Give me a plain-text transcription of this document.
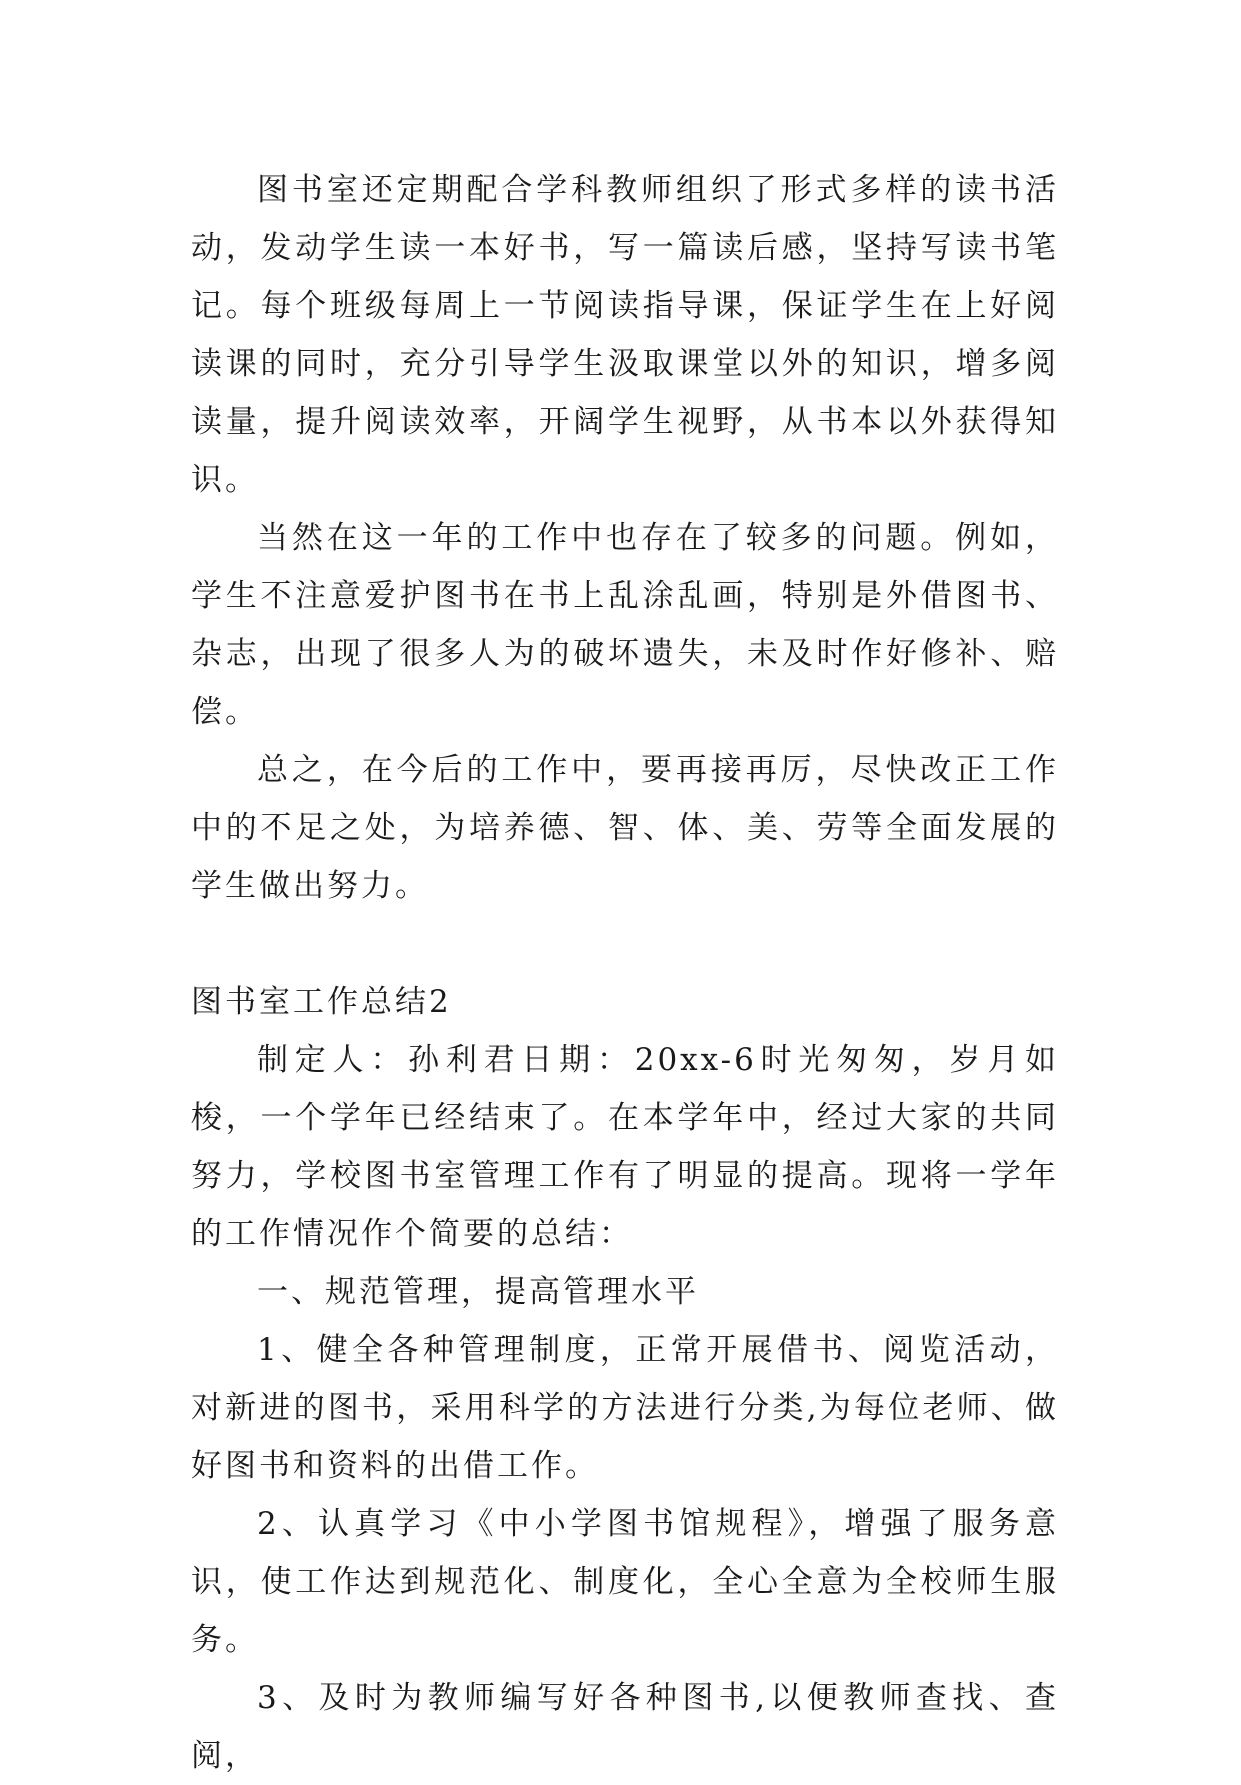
图书室还定期配合学科教师组织了形式多样的读书活动，发动学生读一本好书，写一篇读后感，坚持写读书笔记。每个班级每周上一节阅读指导课，保证学生在上好阅读课的同时，充分引导学生汲取课堂以外的知识，增多阅读量，提升阅读效率，开阔学生视野，从书本以外获得知识。

当然在这一年的工作中也存在了较多的问题。例如，学生不注意爱护图书在书上乱涂乱画，特别是外借图书、杂志，出现了很多人为的破坏遗失，未及时作好修补、赔偿。

总之，在今后的工作中，要再接再厉，尽快改正工作中的不足之处，为培养德、智、体、美、劳等全面发展的学生做出努力。

图书室工作总结2

制定人：孙利君日期：20xx-6时光匆匆，岁月如梭，一个学年已经结束了。在本学年中，经过大家的共同努力，学校图书室管理工作有了明显的提高。现将一学年的工作情况作个简要的总结：

一、规范管理，提高管理水平

1、健全各种管理制度，正常开展借书、阅览活动，对新进的图书，采用科学的方法进行分类,为每位老师、做好图书和资料的出借工作。

2、认真学习《中小学图书馆规程》，增强了服务意识，使工作达到规范化、制度化，全心全意为全校师生服务。

3、及时为教师编写好各种图书,以便教师查找、查阅，
